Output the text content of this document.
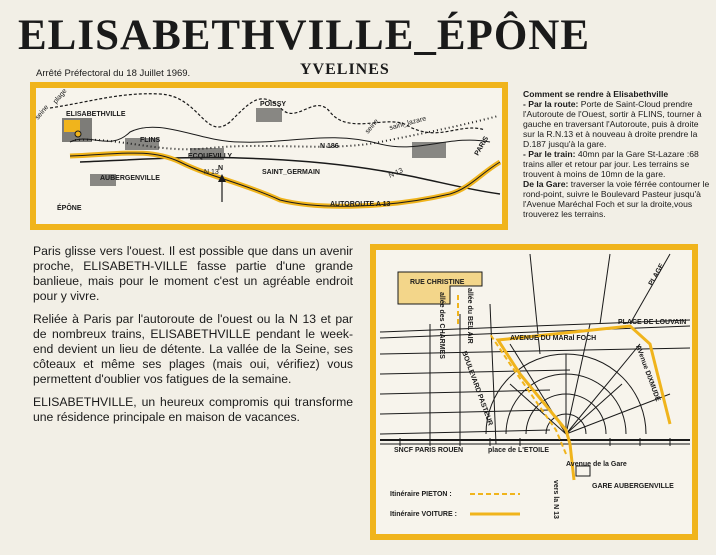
ELISABETHVILLE_ÉPÔNE
Arrêté Préfectoral du 18 Juillet 1969.	YVELINES
seine
plage
ELISABETHVILLE
FLINS
AUBERGENVILLE
ECQUEVILLY
N 13
POISSY
N 186
seine saint_lazare
SAINT_GERMAIN	N 13
PARIS
AUTOROUTE A 13
ÉPÔNE
N
Comment se rendre à Elisabethville
- Par la route: Porte de Saint-Cloud prendre l'Autoroute de l'Ouest, sortir à FLINS, tourner à gauche en traversant l'Autoroute, puis à droite sur la R.N.13 et à nouveau à droite prendre la D.187 jusqu'à la gare.
- Par le train: 40mn par la Gare St-Lazare :68 trains aller et retour par jour. Les terrains se trouvent à moins de 10mn de la gare.
De la Gare: traverser la voie férrée contourner le rond-point, suivre le Boulevard Pasteur jusqu'à l'Avenue Maréchal Foch et sur la droite,vous trouverez les terrains.

Paris glisse vers l'ouest. Il est possible que dans un avenir proche, ELISABETH-VILLE fasse partie d'une grande banlieue, mais pour le moment c'est un agréable endroit pour y vivre.

Reliée à Paris par l'autoroute de l'ouest ou la N 13 et par de nombreux trains, ELISABETHVILLE pendant le week-end devient un lieu de détente. La vallée de la Seine, ses côteaux et même ses plages (mais oui, vérifiez) vous permettent d'oublier vos fatigues de la semaine.

ELISABETHVILLE, un heureux compromis qui transforme une résidence principale en maison de vacances.

RUE CHRISTINE
allée des CHARMES	allée du BEL AIR
PLAGE
PLACE DE LOUVAIN
AVENUE DU MARal FOCH
AVenue DIXMUDE
BOULEVARD PASTEUR
SNCF PARIS ROUEN	place de L'ETOILE
Avenue de la Gare
GARE AUBERGENVILLE
vers la N 13
Itinéraire PIETON :
Itinéraire VOITURE :
